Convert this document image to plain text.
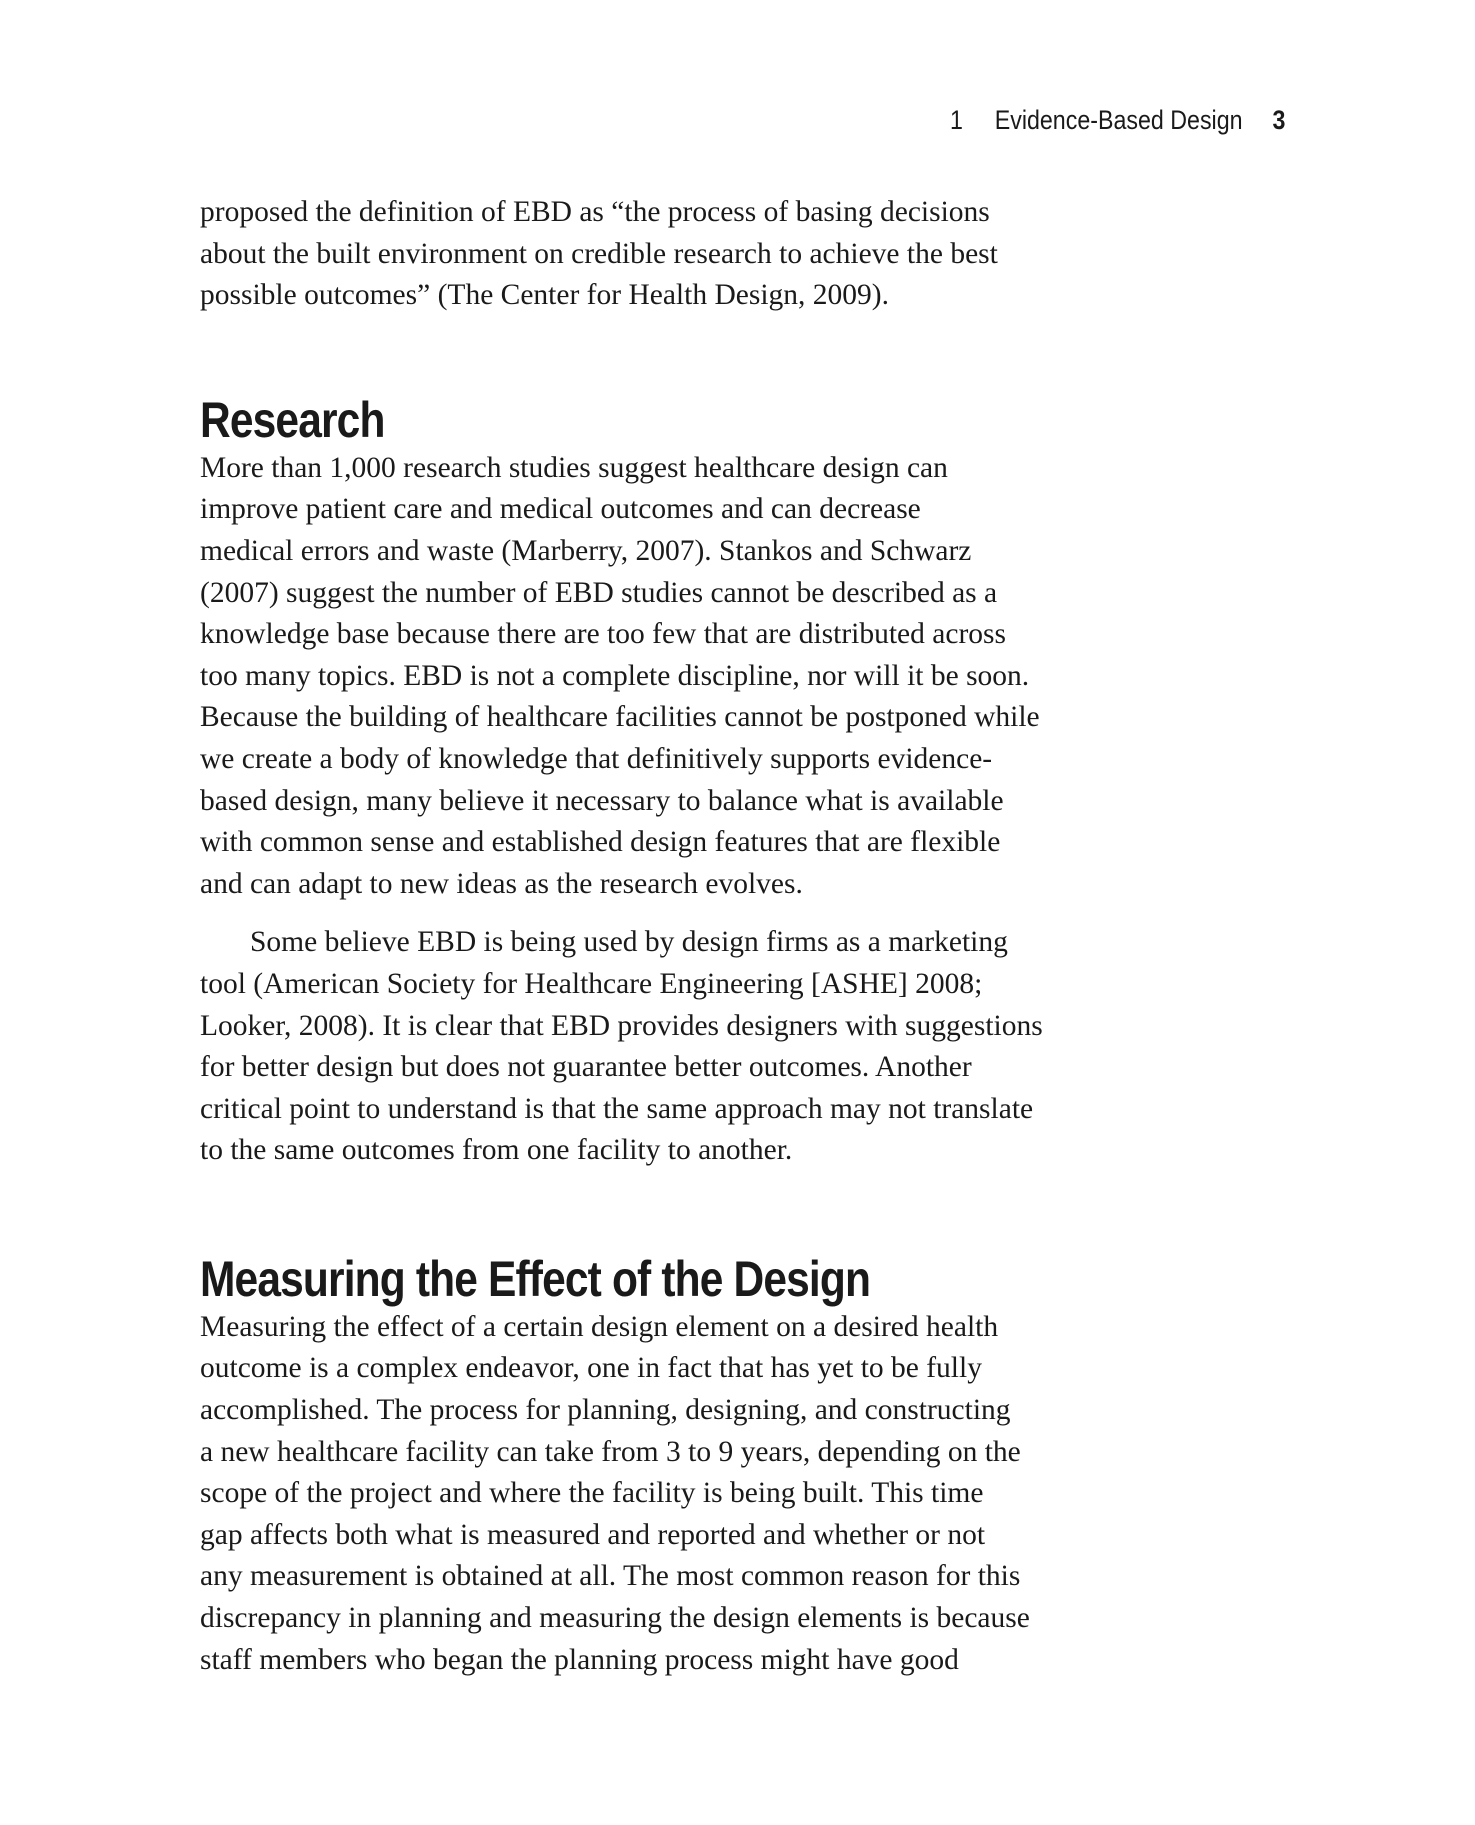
1 Evidence-Based Design 3

proposed the definition of EBD as “the process of basing decisions
about the built environment on credible research to achieve the best
possible outcomes” (The Center for Health Design, 2009).

Research

More than 1,000 research studies suggest healthcare design can
improve patient care and medical outcomes and can decrease
medical errors and waste (Marberry, 2007). Stankos and Schwarz
(2007) suggest the number of EBD studies cannot be described as a
knowledge base because there are too few that are distributed across
too many topics. EBD is not a complete discipline, nor will it be soon.
Because the building of healthcare facilities cannot be postponed while
we create a body of knowledge that definitively supports evidence-
based design, many believe it necessary to balance what is available
with common sense and established design features that are flexible
and can adapt to new ideas as the research evolves.

Some believe EBD is being used by design firms as a marketing
tool (American Society for Healthcare Engineering [ASHE] 2008;
Looker, 2008). It is clear that EBD provides designers with suggestions
for better design but does not guarantee better outcomes. Another
critical point to understand is that the same approach may not translate
to the same outcomes from one facility to another.

Measuring the Effect of the Design

Measuring the effect of a certain design element on a desired health
outcome is a complex endeavor, one in fact that has yet to be fully
accomplished. The process for planning, designing, and constructing
a new healthcare facility can take from 3 to 9 years, depending on the
scope of the project and where the facility is being built. This time
gap affects both what is measured and reported and whether or not
any measurement is obtained at all. The most common reason for this
discrepancy in planning and measuring the design elements is because
staff members who began the planning process might have good
